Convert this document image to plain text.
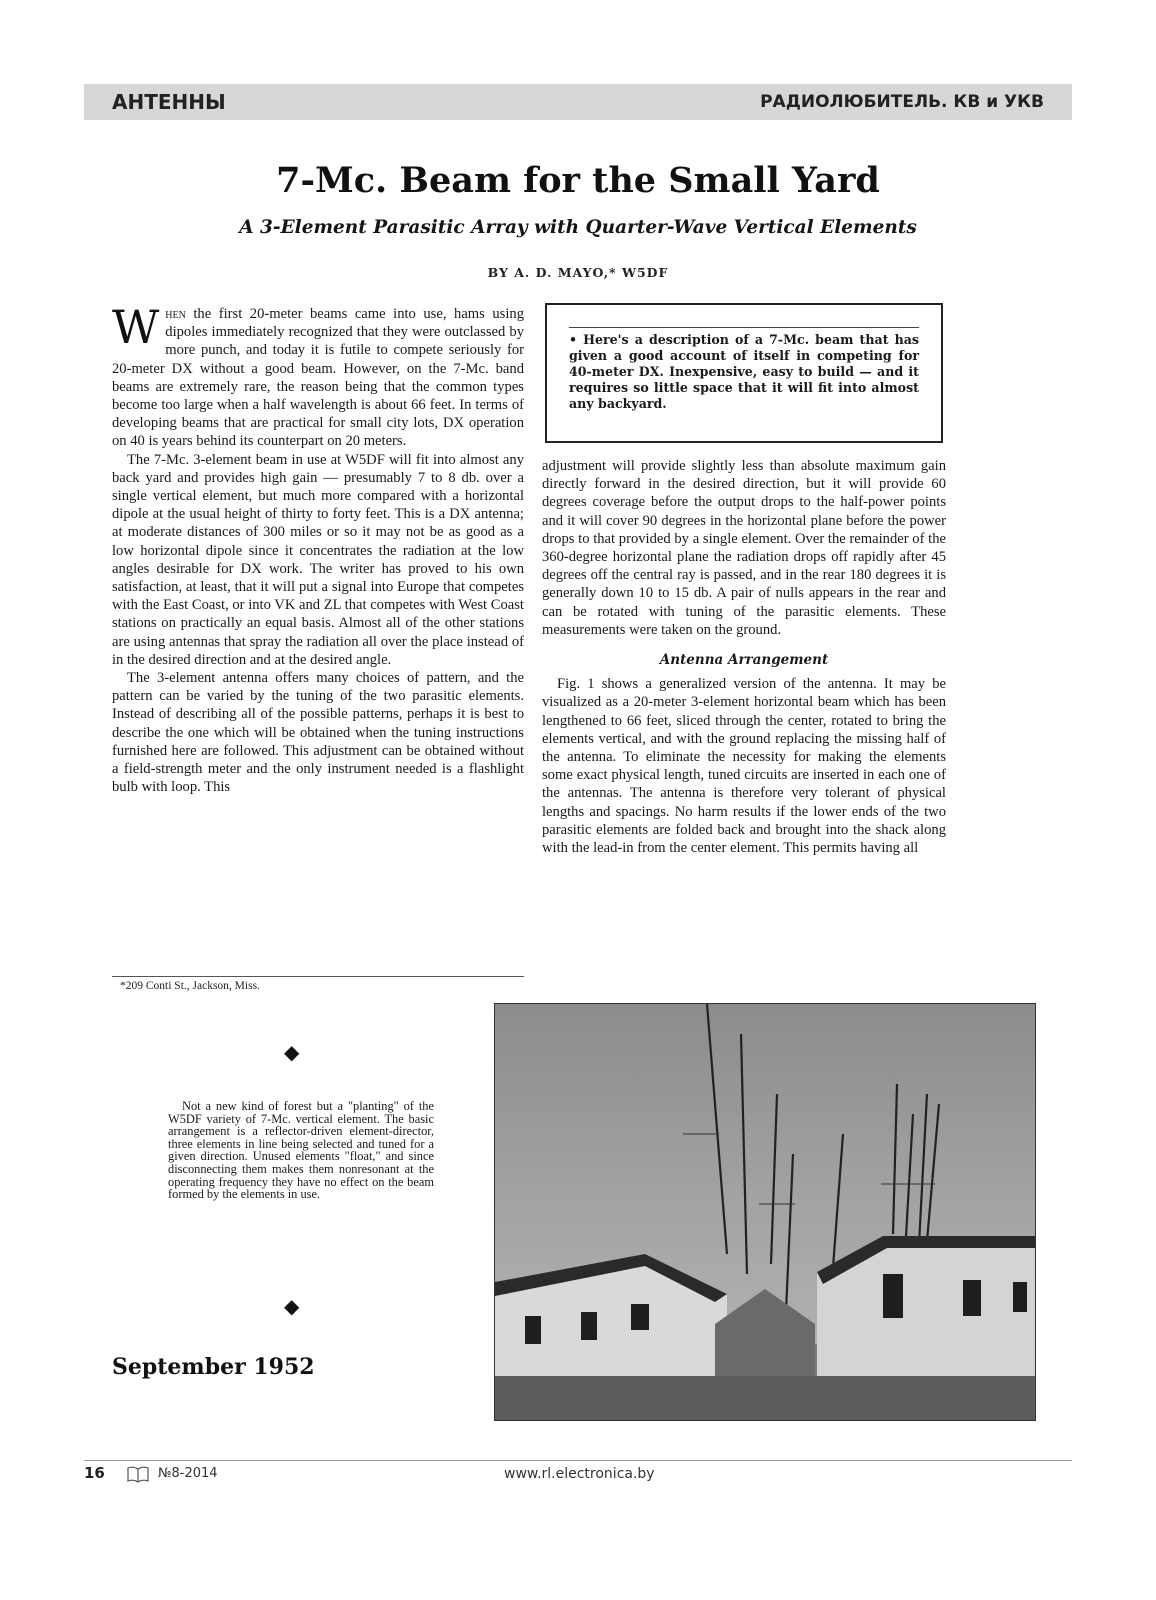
АНТЕННЫ	РАДИОЛЮБИТЕЛЬ. КВ и УКВ
7-Mc. Beam for the Small Yard
A 3-Element Parasitic Array with Quarter-Wave Vertical Elements
BY A. D. MAYO,* W5DF

When the first 20-meter beams came into use, hams using dipoles immediately recognized that they were outclassed by more punch, and today it is futile to compete seriously for 20-meter DX without a good beam. However, on the 7-Mc. band beams are extremely rare, the reason being that the common types become too large when a half wavelength is about 66 feet. In terms of developing beams that are practical for small city lots, DX operation on 40 is years behind its counterpart on 20 meters.

The 7-Mc. 3-element beam in use at W5DF will fit into almost any back yard and provides high gain — presumably 7 to 8 db. over a single vertical element, but much more compared with a horizontal dipole at the usual height of thirty to forty feet. This is a DX antenna; at moderate distances of 300 miles or so it may not be as good as a low horizontal dipole since it concentrates the radiation at the low angles desirable for DX work. The writer has proved to his own satisfaction, at least, that it will put a signal into Europe that competes with the East Coast, or into VK and ZL that competes with West Coast stations on practically an equal basis. Almost all of the other stations are using antennas that spray the radiation all over the place instead of in the desired direction and at the desired angle.

The 3-element antenna offers many choices of pattern, and the pattern can be varied by the tuning of the two parasitic elements. Instead of describing all of the possible patterns, perhaps it is best to describe the one which will be obtained when the tuning instructions furnished here are followed. This adjustment can be obtained without a field-strength meter and the only instrument needed is a flashlight bulb with loop. This

*209 Conti St., Jackson, Miss.
• Here's a description of a 7-Mc. beam that has given a good account of itself in competing for 40-meter DX. Inexpensive, easy to build — and it requires so little space that it will fit into almost any backyard.

adjustment will provide slightly less than absolute maximum gain directly forward in the desired direction, but it will provide 60 degrees coverage before the output drops to the half-power points and it will cover 90 degrees in the horizontal plane before the power drops to that provided by a single element. Over the remainder of the 360-degree horizontal plane the radiation drops off rapidly after 45 degrees off the central ray is passed, and in the rear 180 degrees it is generally down 10 to 15 db. A pair of nulls appears in the rear and can be rotated with tuning of the parasitic elements. These measurements were taken on the ground.

Antenna Arrangement

Fig. 1 shows a generalized version of the antenna. It may be visualized as a 20-meter 3-element horizontal beam which has been lengthened to 66 feet, sliced through the center, rotated to bring the elements vertical, and with the ground replacing the missing half of the antenna. To eliminate the necessity for making the elements some exact physical length, tuned circuits are inserted in each one of the antennas. The antenna is therefore very tolerant of physical lengths and spacings. No harm results if the lower ends of the two parasitic elements are folded back and brought into the shack along with the lead-in from the center element. This permits having all

◆

Not a new kind of forest but a "planting" of the W5DF variety of 7-Mc. vertical element. The basic arrangement is a reflector-driven element-director, three elements in line being selected and tuned for a given direction. Unused elements "float," and since disconnecting them makes them nonresonant at the operating frequency they have no effect on the beam formed by the elements in use.

◆
September 1952
16	№8-2014	www.rl.electronica.by
